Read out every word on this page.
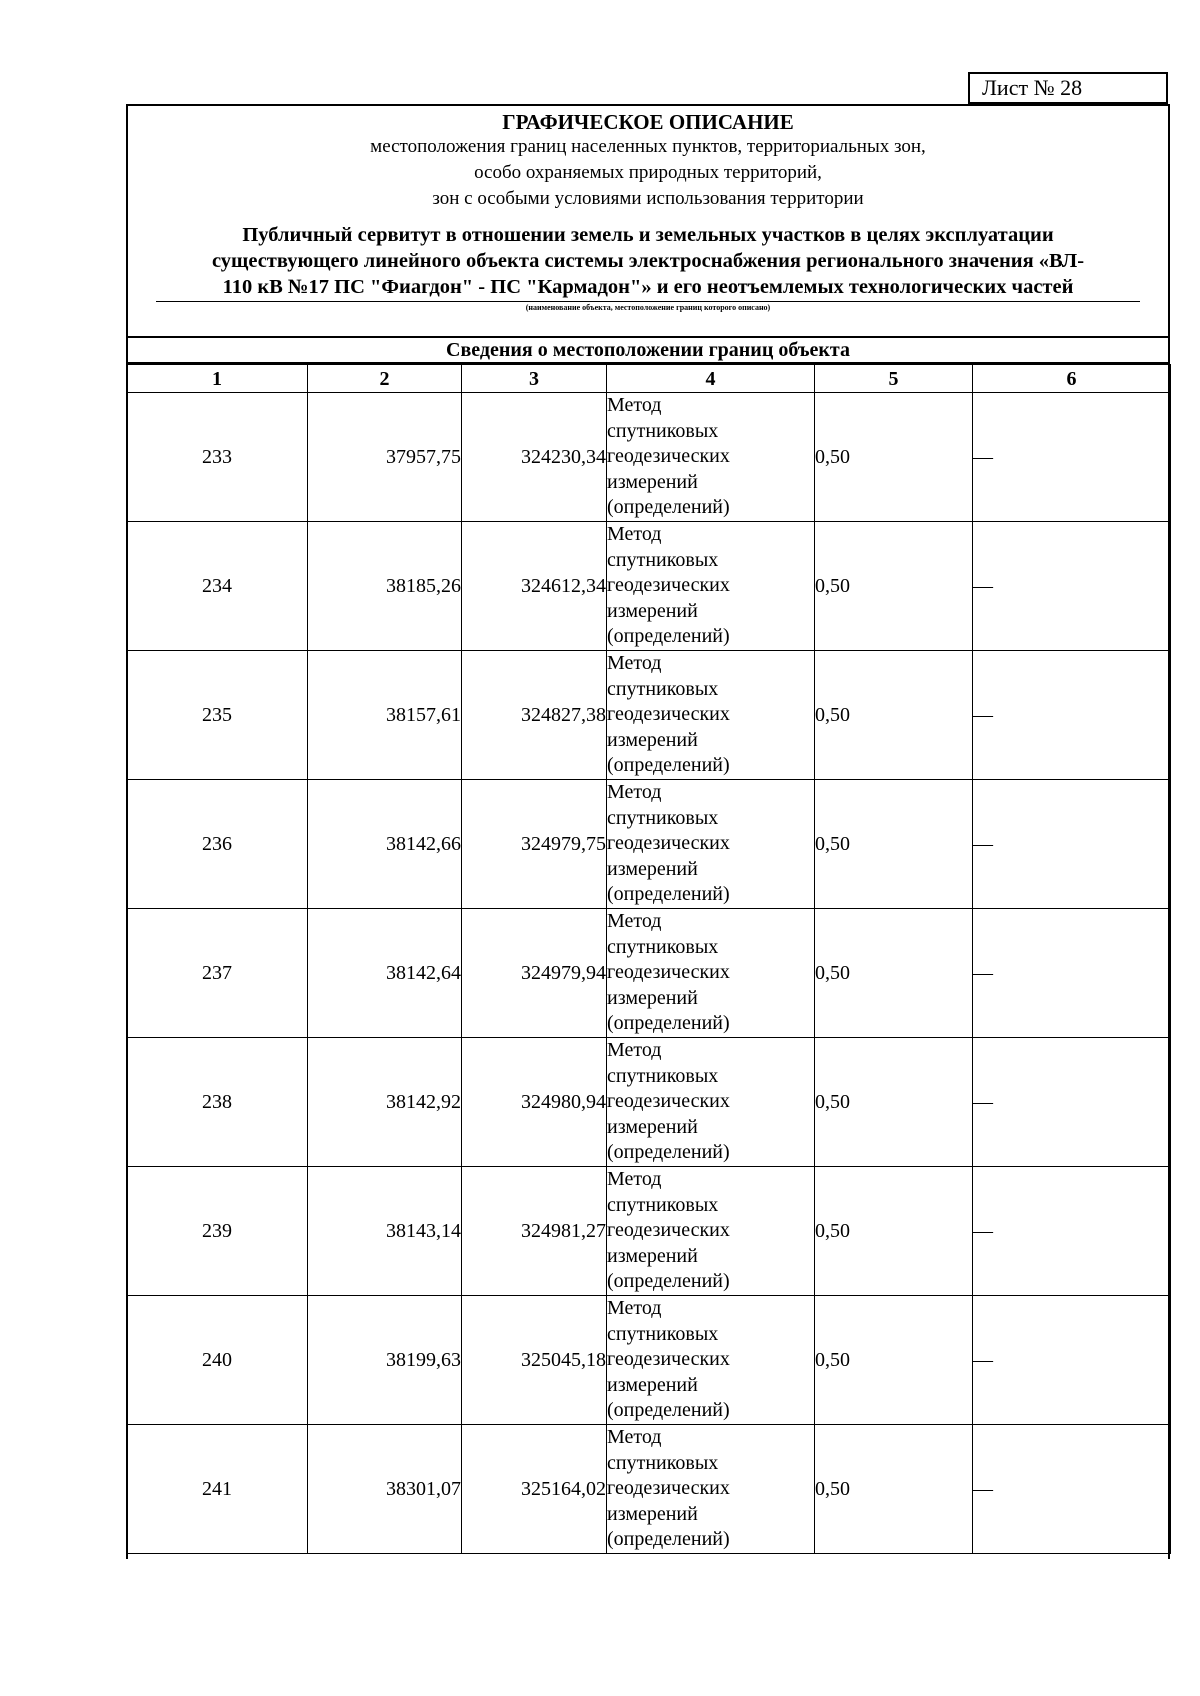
Лист № 28
ГРАФИЧЕСКОЕ ОПИСАНИЕ
местоположения границ населенных пунктов, территориальных зон,
особо охраняемых природных территорий,
зон с особыми условиями использования территории
Публичный сервитут в отношении земель и земельных участков в целях эксплуатации
существующего линейного объекта системы электроснабжения регионального значения «ВЛ-
110 кВ №17 ПС "Фиагдон" - ПС "Кармадон"» и его неотъемлемых технологических частей
(наименование объекта, местоположение границ которого описано)
Сведения о местоположении границ объекта
1	2	3	4	5	6
233	37957,75	324230,34	Метод
спутниковых
геодезических
измерений
(определений)	0,50	—
234	38185,26	324612,34	Метод
спутниковых
геодезических
измерений
(определений)	0,50	—
235	38157,61	324827,38	Метод
спутниковых
геодезических
измерений
(определений)	0,50	—
236	38142,66	324979,75	Метод
спутниковых
геодезических
измерений
(определений)	0,50	—
237	38142,64	324979,94	Метод
спутниковых
геодезических
измерений
(определений)	0,50	—
238	38142,92	324980,94	Метод
спутниковых
геодезических
измерений
(определений)	0,50	—
239	38143,14	324981,27	Метод
спутниковых
геодезических
измерений
(определений)	0,50	—
240	38199,63	325045,18	Метод
спутниковых
геодезических
измерений
(определений)	0,50	—
241	38301,07	325164,02	Метод
спутниковых
геодезических
измерений
(определений)	0,50	—
